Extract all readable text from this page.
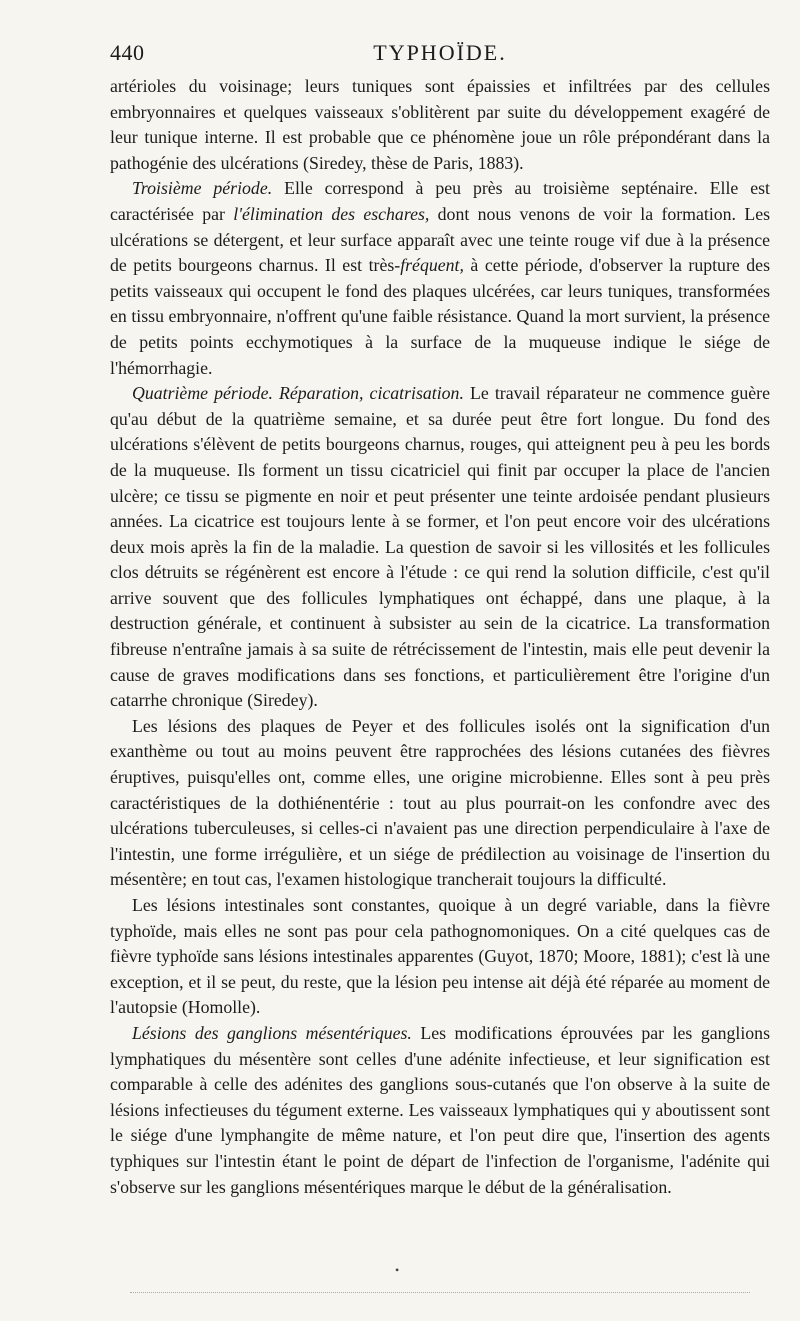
440	TYPHOÏDE.

artérioles du voisinage; leurs tuniques sont épaissies et infiltrées par des cellules embryonnaires et quelques vaisseaux s'oblitèrent par suite du développement exagéré de leur tunique interne. Il est probable que ce phénomène joue un rôle prépondérant dans la pathogénie des ulcérations (Siredey, thèse de Paris, 1883).

Troisième période. Elle correspond à peu près au troisième septénaire. Elle est caractérisée par l'élimination des eschares, dont nous venons de voir la formation. Les ulcérations se détergent, et leur surface apparaît avec une teinte rouge vif due à la présence de petits bourgeons charnus. Il est très-fréquent, à cette période, d'observer la rupture des petits vaisseaux qui occupent le fond des plaques ulcérées, car leurs tuniques, transformées en tissu embryonnaire, n'offrent qu'une faible résistance. Quand la mort survient, la présence de petits points ecchymotiques à la surface de la muqueuse indique le siége de l'hémorrhagie.

Quatrième période. Réparation, cicatrisation. Le travail réparateur ne commence guère qu'au début de la quatrième semaine, et sa durée peut être fort longue. Du fond des ulcérations s'élèvent de petits bourgeons charnus, rouges, qui atteignent peu à peu les bords de la muqueuse. Ils forment un tissu cicatriciel qui finit par occuper la place de l'ancien ulcère; ce tissu se pigmente en noir et peut présenter une teinte ardoisée pendant plusieurs années. La cicatrice est toujours lente à se former, et l'on peut encore voir des ulcérations deux mois après la fin de la maladie. La question de savoir si les villosités et les follicules clos détruits se régénèrent est encore à l'étude : ce qui rend la solution difficile, c'est qu'il arrive souvent que des follicules lymphatiques ont échappé, dans une plaque, à la destruction générale, et continuent à subsister au sein de la cicatrice. La transformation fibreuse n'entraîne jamais à sa suite de rétrécissement de l'intestin, mais elle peut devenir la cause de graves modifications dans ses fonctions, et particulièrement être l'origine d'un catarrhe chronique (Siredey).

Les lésions des plaques de Peyer et des follicules isolés ont la signification d'un exanthème ou tout au moins peuvent être rapprochées des lésions cutanées des fièvres éruptives, puisqu'elles ont, comme elles, une origine microbienne. Elles sont à peu près caractéristiques de la dothiénentérie : tout au plus pourrait-on les confondre avec des ulcérations tuberculeuses, si celles-ci n'avaient pas une direction perpendiculaire à l'axe de l'intestin, une forme irrégulière, et un siége de prédilection au voisinage de l'insertion du mésentère; en tout cas, l'examen histologique trancherait toujours la difficulté.

Les lésions intestinales sont constantes, quoique à un degré variable, dans la fièvre typhoïde, mais elles ne sont pas pour cela pathognomoniques. On a cité quelques cas de fièvre typhoïde sans lésions intestinales apparentes (Guyot, 1870; Moore, 1881); c'est là une exception, et il se peut, du reste, que la lésion peu intense ait déjà été réparée au moment de l'autopsie (Homolle).

Lésions des ganglions mésentériques. Les modifications éprouvées par les ganglions lymphatiques du mésentère sont celles d'une adénite infectieuse, et leur signification est comparable à celle des adénites des ganglions sous-cutanés que l'on observe à la suite de lésions infectieuses du tégument externe. Les vaisseaux lymphatiques qui y aboutissent sont le siége d'une lymphangite de même nature, et l'on peut dire que, l'insertion des agents typhiques sur l'intestin étant le point de départ de l'infection de l'organisme, l'adénite qui s'observe sur les ganglions mésentériques marque le début de la généralisation.

•
